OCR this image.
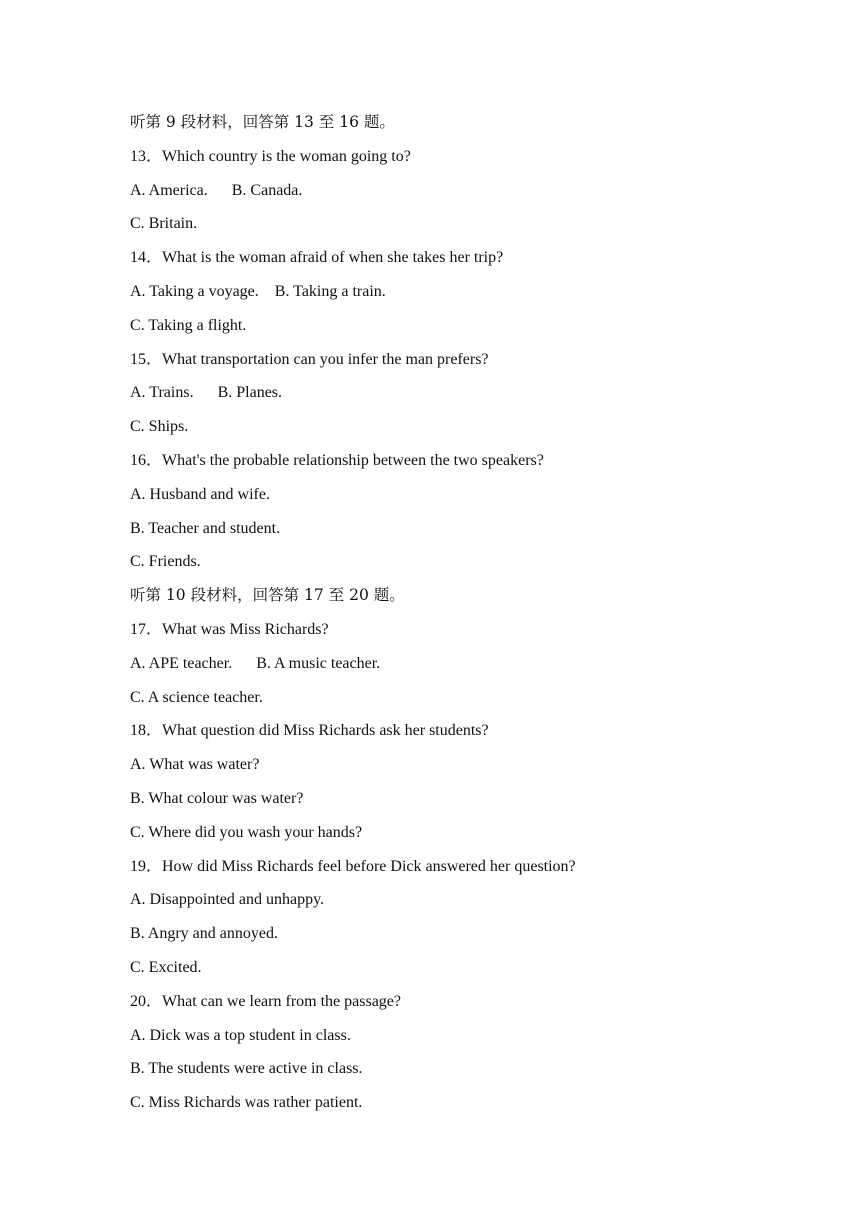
听第 9 段材料，回答第 13 至 16 题。
13．Which country is the woman going to?
A. America.      B. Canada.
C. Britain.
14．What is the woman afraid of when she takes her trip?
A. Taking a voyage.    B. Taking a train.
C. Taking a flight.
15．What transportation can you infer the man prefers?
A. Trains.      B. Planes.
C. Ships.
16．What's the probable relationship between the two speakers?
A. Husband and wife.
B. Teacher and student.
C. Friends.
听第 10 段材料，回答第 17 至 20 题。
17．What was Miss Richards?
A. APE teacher.      B. A music teacher.
C. A science teacher.
18．What question did Miss Richards ask her students?
A. What was water?
B. What colour was water?
C. Where did you wash your hands?
19．How did Miss Richards feel before Dick answered her question?
A. Disappointed and unhappy.
B. Angry and annoyed.
C. Excited.
20．What can we learn from the passage?
A. Dick was a top student in class.
B. The students were active in class.
C. Miss Richards was rather patient.
